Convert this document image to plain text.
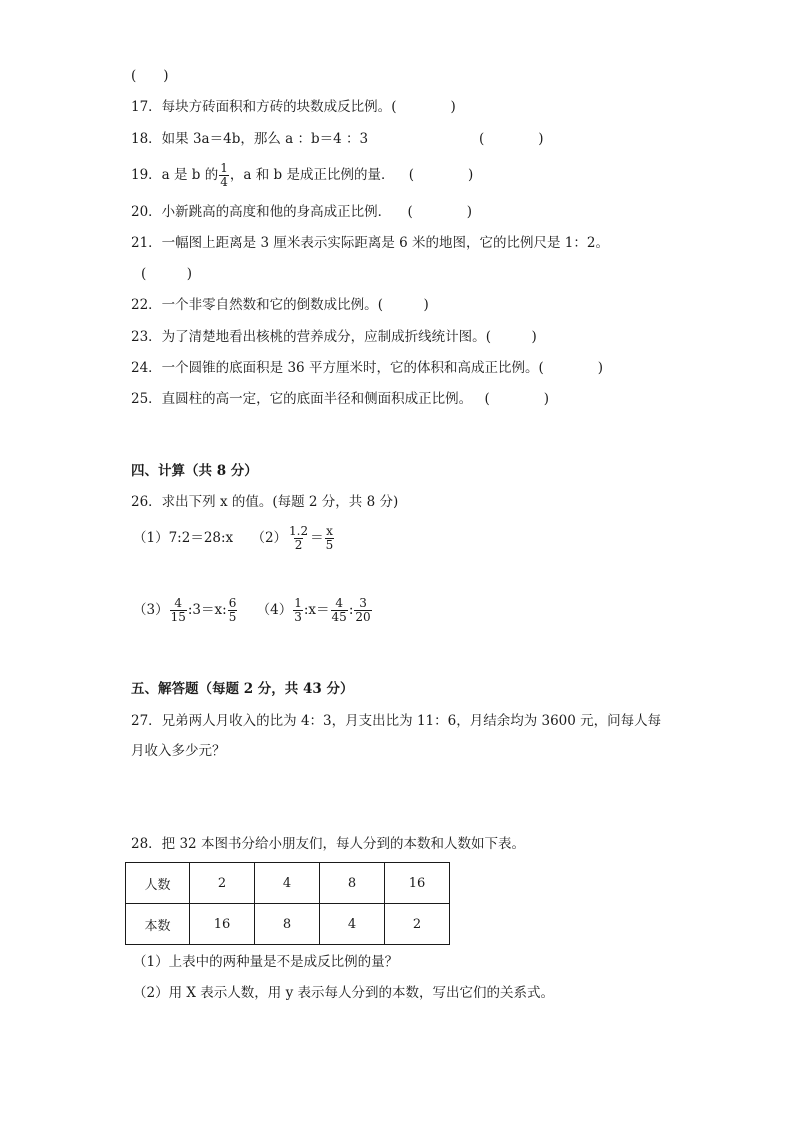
(　　)
17．每块方砖面积和方砖的块数成反比例。(　　　　)
18．如果 3a＝4b，那么 a ：b＝4 ：3	(　　　　)
19．a 是 b 的 $\frac{1}{4}$ ，a 和 b 是成正比例的量． (　　　　)
20．小新跳高的高度和他的身高成正比例． (　　　　)
21．一幅图上距离是 3 厘米表示实际距离是 6 米的地图，它的比例尺是 1：2。
(　　　)
22．一个非零自然数和它的倒数成比例。(　　　)
23．为了清楚地看出核桃的营养成分，应制成折线统计图。(　　　)
24．一个圆锥的底面积是 36 平方厘米时，它的体积和高成正比例。(　　　　)
25．直圆柱的高一定，它的底面半径和侧面积成正比例。 (　　　　)
四、计算（共 8 分）
26．求出下列 x 的值。(每题 2 分，共 8 分)
（1）7:2＝28:x $(2) \frac{1.2}{2} = \frac{x}{5}$
$(3) \frac{4}{15}$ :3＝x: $\frac{6}{5} (4) \frac{1}{3}$ :x＝ $\frac{4}{45}$ : $\frac{3}{20}$
五、解答题（每题 2 分，共 43 分）
27．兄弟两人月收入的比为 4：3，月支出比为 11：6，月结余均为 3600 元，问每人每
月收入多少元？
28．把 32 本图书分给小朋友们，每人分到的本数和人数如下表。
人数	2	4	8	16
本数	16	8	4	2
（1）上表中的两种量是不是成反比例的量？
（2）用 X 表示人数，用 y 表示每人分到的本数，写出它们的关系式。
